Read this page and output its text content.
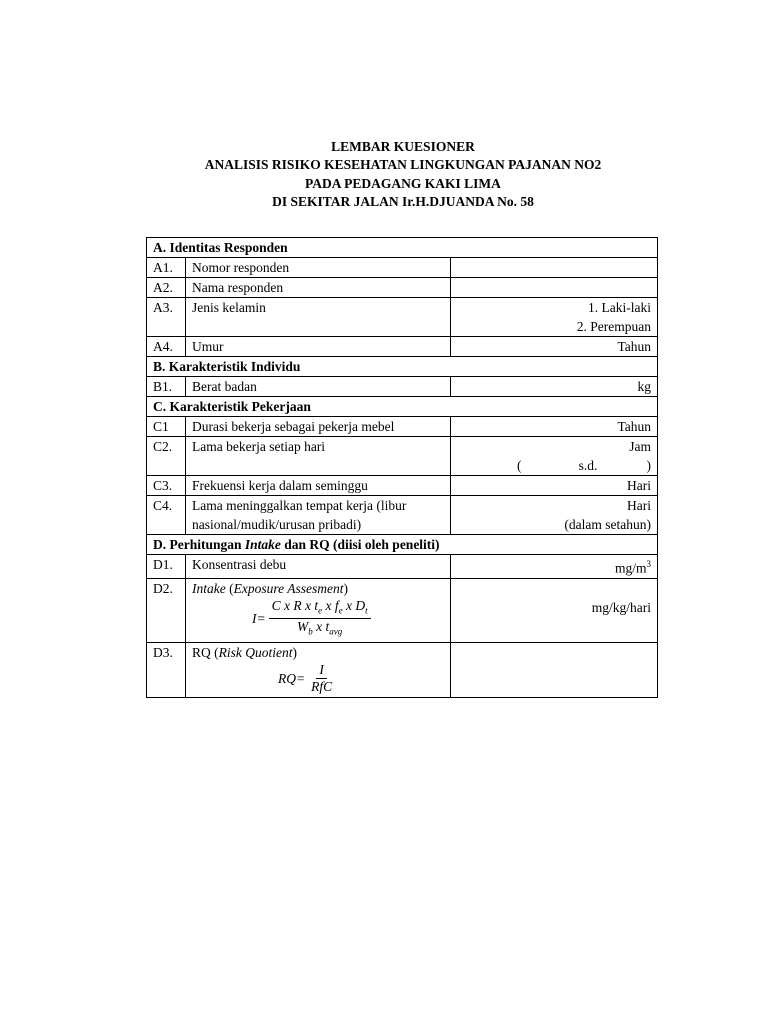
LEMBAR KUESIONER
ANALISIS RISIKO KESEHATAN LINGKUNGAN PAJANAN NO2
PADA PEDAGANG KAKI LIMA
DI SEKITAR JALAN Ir.H.DJUANDA No. 58
A. Identitas Responden		
A1.	Nomor responden	
A2.	Nama responden	
A3.	Jenis kelamin	1. Laki-laki
2. Perempuan

A4.	Umur	Tahun
B. Karakteristik Individu		
B1.	Berat badan	kg
C. Karakteristik Pekerjaan		
C1	Durasi bekerja sebagai pekerja mebel	Tahun
C2.	Lama bekerja setiap hari	Jam
( s.d. )

C3.	Frekuensi kerja dalam seminggu	Hari
C4.	Lama meninggalkan tempat kerja (libur nasional/mudik/urusan pribadi)	Hari
(dalam setahun)

D. Perhitungan Intake dan RQ (diisi oleh peneliti)		
D1.	Konsentrasi debu	$mg/m^3$
D2.	Intake (Exposure Assesment)
$I= \frac{C x R x t_e x f_e x D_t}{W_b x t_{avg}}$	mg/kg/hari
D3.	RQ (Risk Quotient)
$RQ= \frac{I}{\text{RfC}}$
